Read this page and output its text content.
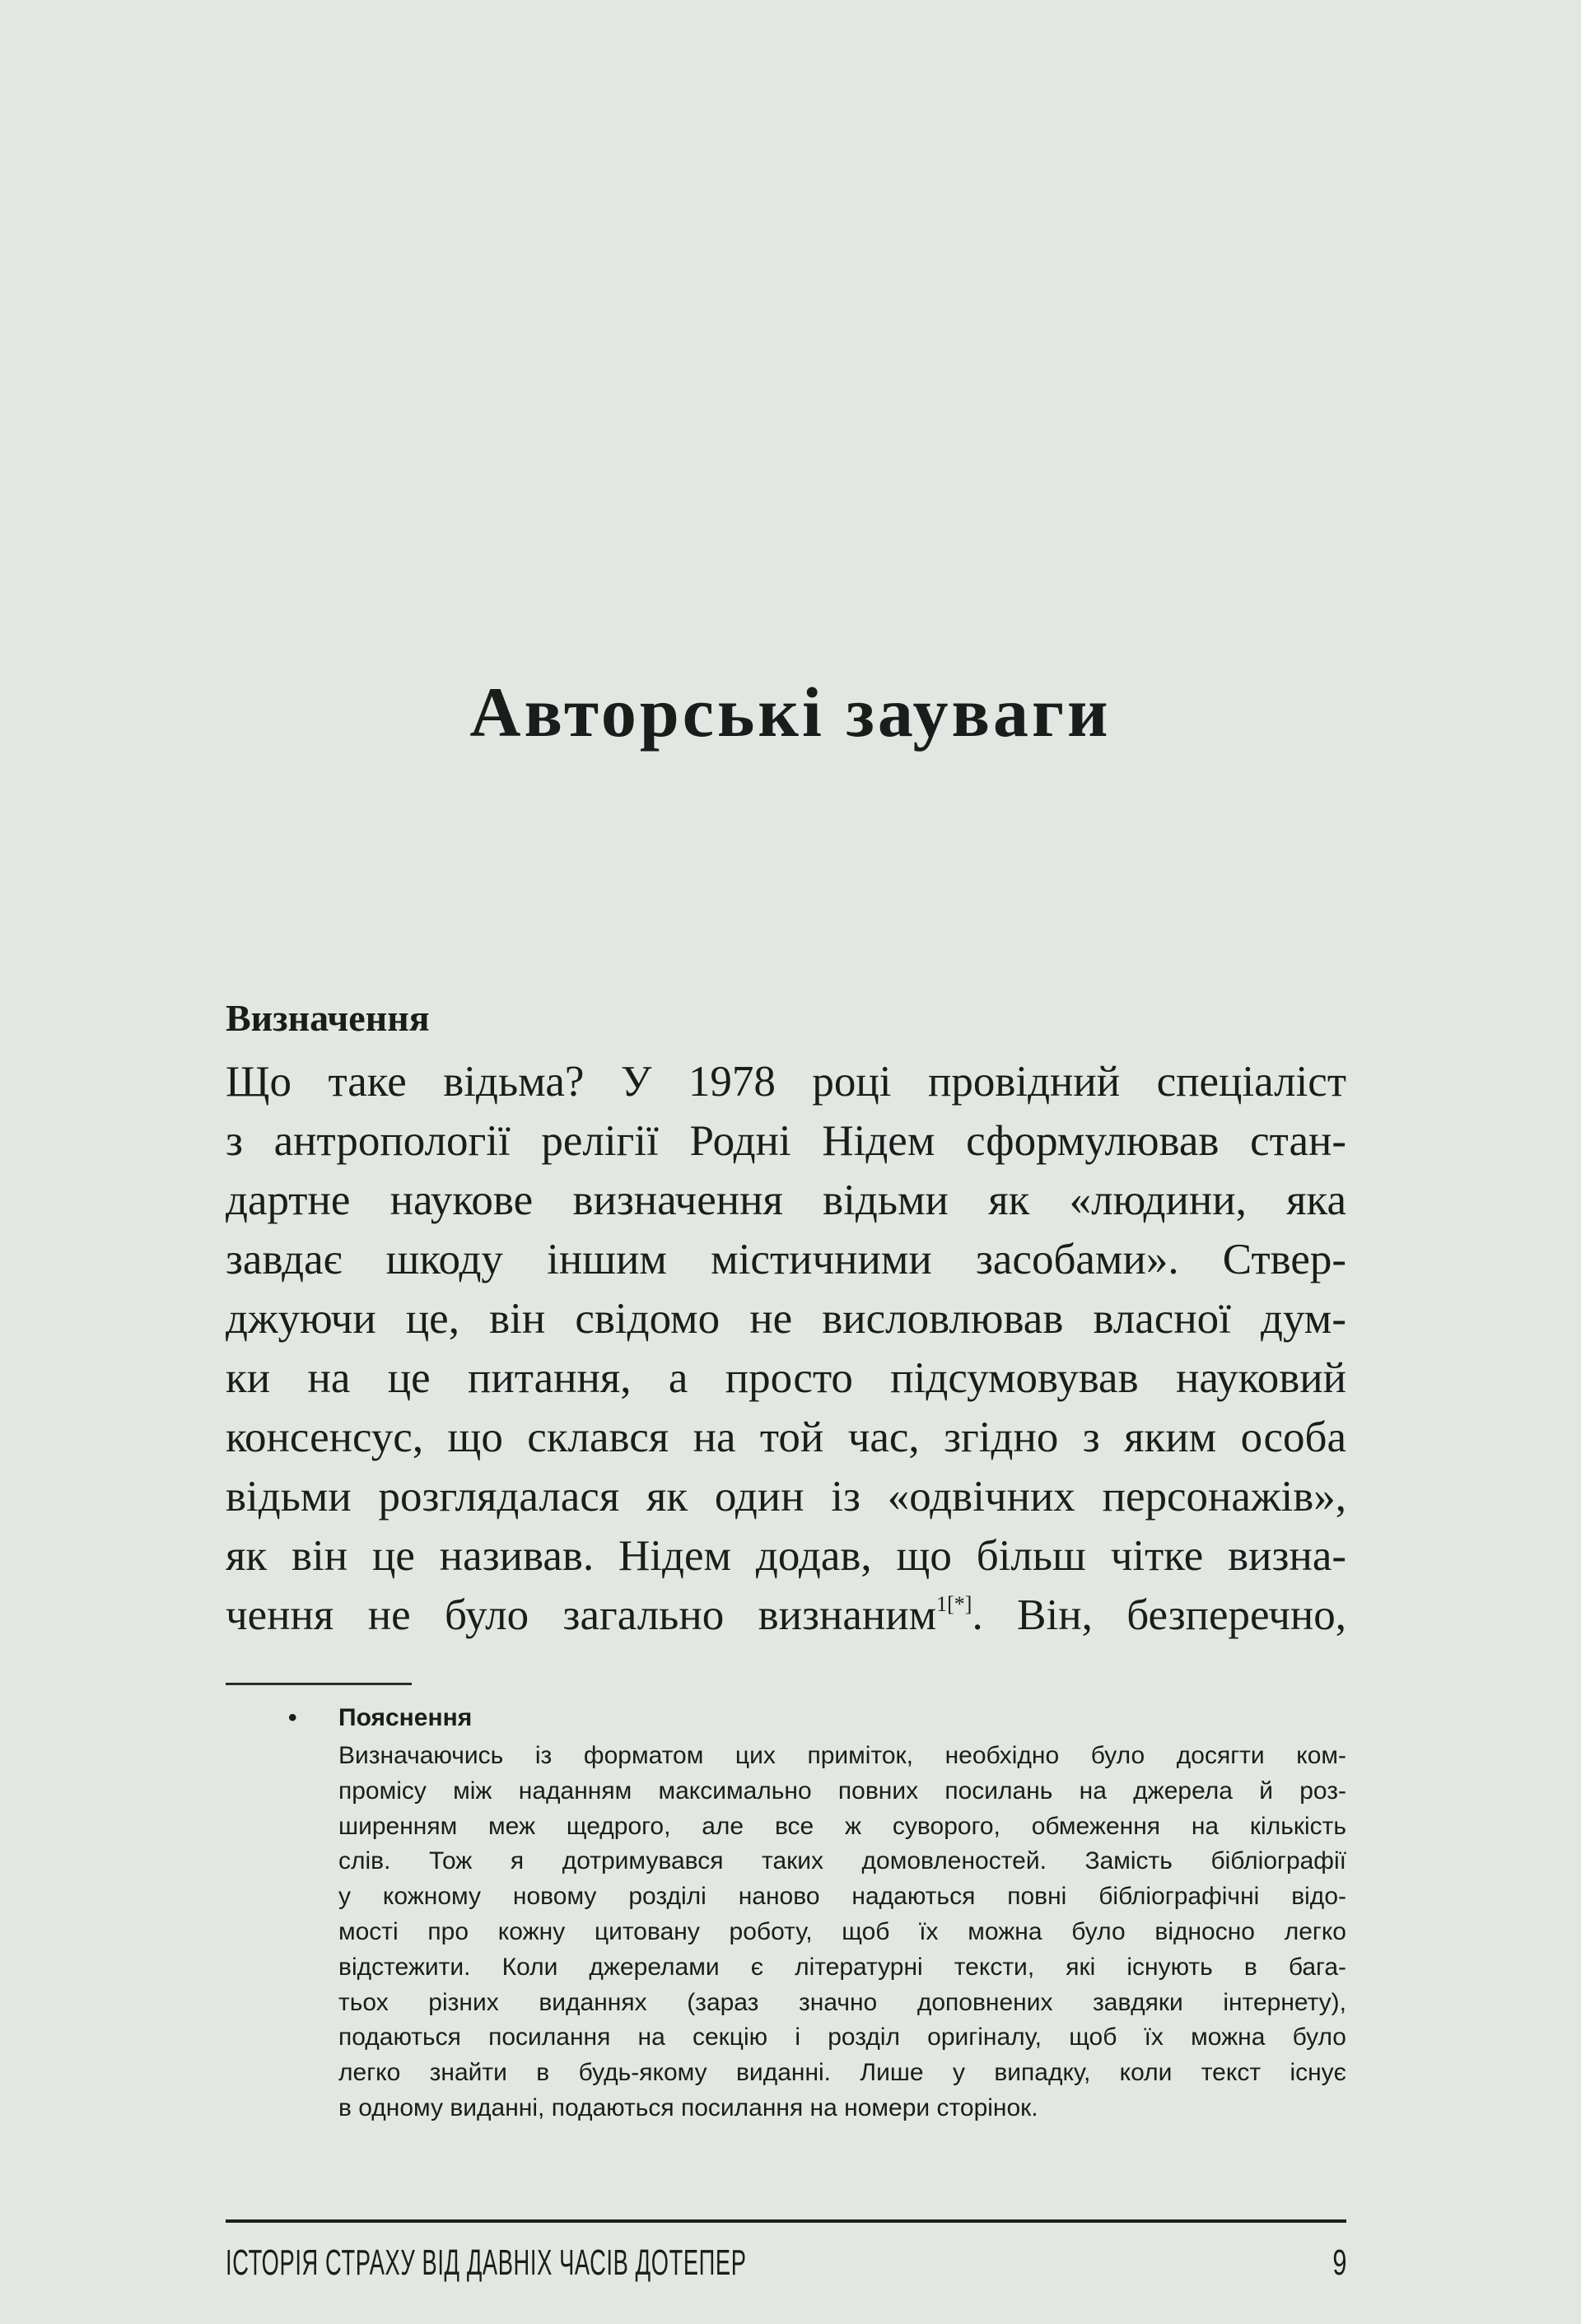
Авторські зауваги
Визначення
Що таке відьма? У 1978 році провідний спеціаліст
з антропології релігії Родні Нідем сформулював стан-
дартне наукове визначення відьми як «людини, яка
завдає шкоду іншим містичними засобами». Ствер-
джуючи це, він свідомо не висловлював власної дум-
ки на це питання, а просто підсумовував науковий
консенсус, що склався на той час, згідно з яким особа
відьми розглядалася як один із «одвічних персонажів»,
як він це називав. Нідем додав, що більш чітке визна-
чення не було загально визнаним$^{1[*]}$. Він, безперечно,
• Пояснення
Визначаючись із форматом цих приміток, необхідно було досягти ком-
промісу між наданням максимально повних посилань на джерела й роз-
ширенням меж щедрого, але все ж суворого, обмеження на кількість
слів. Тож я дотримувався таких домовленостей. Замість бібліографії
у кожному новому розділі наново надаються повні бібліографічні відо-
мості про кожну цитовану роботу, щоб їх можна було відносно легко
відстежити. Коли джерелами є літературні тексти, які існують в бага-
тьох різних виданнях (зараз значно доповнених завдяки інтернету),
подаються посилання на секцію і розділ оригіналу, щоб їх можна було
легко знайти в будь-якому виданні. Лише у випадку, коли текст існує
в одному виданні, подаються посилання на номери сторінок.
ІСТОРІЯ СТРАХУ ВІД ДАВНІХ ЧАСІВ ДОТЕПЕР	9
